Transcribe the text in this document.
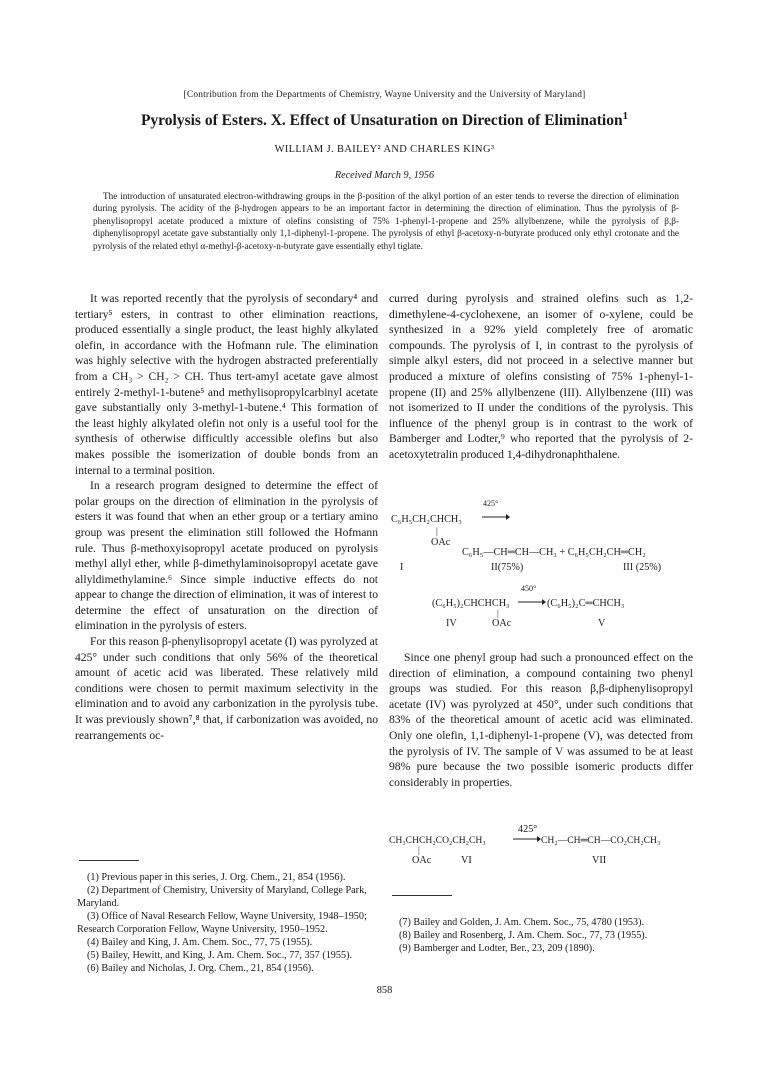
[Contribution from the Departments of Chemistry, Wayne University and the University of Maryland]
Pyrolysis of Esters. X. Effect of Unsaturation on Direction of Elimination$^1$
WILLIAM J. BAILEY² AND CHARLES KING³
Received March 9, 1956

The introduction of unsaturated electron-withdrawing groups in the β-position of the alkyl portion of an ester tends to reverse the direction of elimination during pyrolysis. The acidity of the β-hydrogen appears to be an important factor in determining the direction of elimination. Thus the pyrolysis of β-phenylisopropyl acetate produced a mixture of olefins consisting of 75% 1-phenyl-1-propene and 25% allylbenzene, while the pyrolysis of β,β-diphenylisopropyl acetate gave substantially only 1,1-diphenyl-1-propene. The pyrolysis of ethyl β-acetoxy-n-butyrate produced only ethyl crotonate and the pyrolysis of the related ethyl α-methyl-β-acetoxy-n-butyrate gave essentially ethyl tiglate.

It was reported recently that the pyrolysis of secondary⁴ and tertiary⁵ esters, in contrast to other elimination reactions, produced essentially a single product, the least highly alkylated olefin, in accordance with the Hofmann rule. The elimination was highly selective with the hydrogen abstracted preferentially from a CH₃ > CH₂ > CH. Thus tert-amyl acetate gave almost entirely 2-methyl-1-butene⁵ and methylisopropylcarbinyl acetate gave substantially only 3-methyl-1-butene.⁴ This formation of the least highly alkylated olefin not only is a useful tool for the synthesis of otherwise difficultly accessible olefins but also makes possible the isomerization of double bonds from an internal to a terminal position.

In a research program designed to determine the effect of polar groups on the direction of elimination in the pyrolysis of esters it was found that when an ether group or a tertiary amino group was present the elimination still followed the Hofmann rule. Thus β-methoxyisopropyl acetate produced on pyrolysis methyl allyl ether, while β-dimethylaminoisopropyl acetate gave allyldimethylamine.⁶ Since simple inductive effects do not appear to change the direction of elimination, it was of interest to determine the effect of unsaturation on the direction of elimination in the pyrolysis of esters.

For this reason β-phenylisopropyl acetate (I) was pyrolyzed at 425° under such conditions that only 56% of the theoretical amount of acetic acid was liberated. These relatively mild conditions were chosen to permit maximum selectivity in the elimination and to avoid any carbonization in the pyrolysis tube. It was previously shown⁷,⁸ that, if carbonization was avoided, no rearrangements oc-

curred during pyrolysis and strained olefins such as 1,2-dimethylene-4-cyclohexene, an isomer of o-xylene, could be synthesized in a 92% yield completely free of aromatic compounds. The pyrolysis of I, in contrast to the pyrolysis of simple alkyl esters, did not proceed in a selective manner but produced a mixture of olefins consisting of 75% 1-phenyl-1-propene (II) and 25% allylbenzene (III). Allylbenzene (III) was not isomerized to II under the conditions of the pyrolysis. This influence of the phenyl group is in contrast to the work of Bamberger and Lodter,⁹ who reported that the pyrolysis of 2-acetoxytetralin produced 1,4-dihydronaphthalene.

C₆H₅CH₂CHCH₃
425°
|
OAc
C₆H₅—CH═CH—CH₃ + C₆H₅CH₂CH═CH₂
I	II(75%)	III (25%)
(C₆H₅)₂CHCHCH₃
450°
(C₆H₅)₂C═CHCH₃
|
IV	OAc	V

Since one phenyl group had such a pronounced effect on the direction of elimination, a compound containing two phenyl groups was studied. For this reason β,β-diphenylisopropyl acetate (IV) was pyrolyzed at 450°, under such conditions that 83% of the theoretical amount of acetic acid was eliminated. Only one olefin, 1,1-diphenyl-1-propene (V), was detected from the pyrolysis of IV. The sample of V was assumed to be at least 98% pure because the two possible isomeric products differ considerably in properties.

425°
CH₃CHCH₂CO₂CH₂CH₃	CH₂—CH═CH—CO₂CH₂CH₃
|
OAc	VI	VII
(1) Previous paper in this series, J. Org. Chem., 21, 854 (1956).
(2) Department of Chemistry, University of Maryland, College Park, Maryland.
(3) Office of Naval Research Fellow, Wayne University, 1948–1950; Research Corporation Fellow, Wayne University, 1950–1952.
(4) Bailey and King, J. Am. Chem. Soc., 77, 75 (1955).
(5) Bailey, Hewitt, and King, J. Am. Chem. Soc., 77, 357 (1955).
(6) Bailey and Nicholas, J. Org. Chem., 21, 854 (1956).
(7) Bailey and Golden, J. Am. Chem. Soc., 75, 4780 (1953).
(8) Bailey and Rosenberg, J. Am. Chem. Soc., 77, 73 (1955).
(9) Bamberger and Lodter, Ber., 23, 209 (1890).
858
